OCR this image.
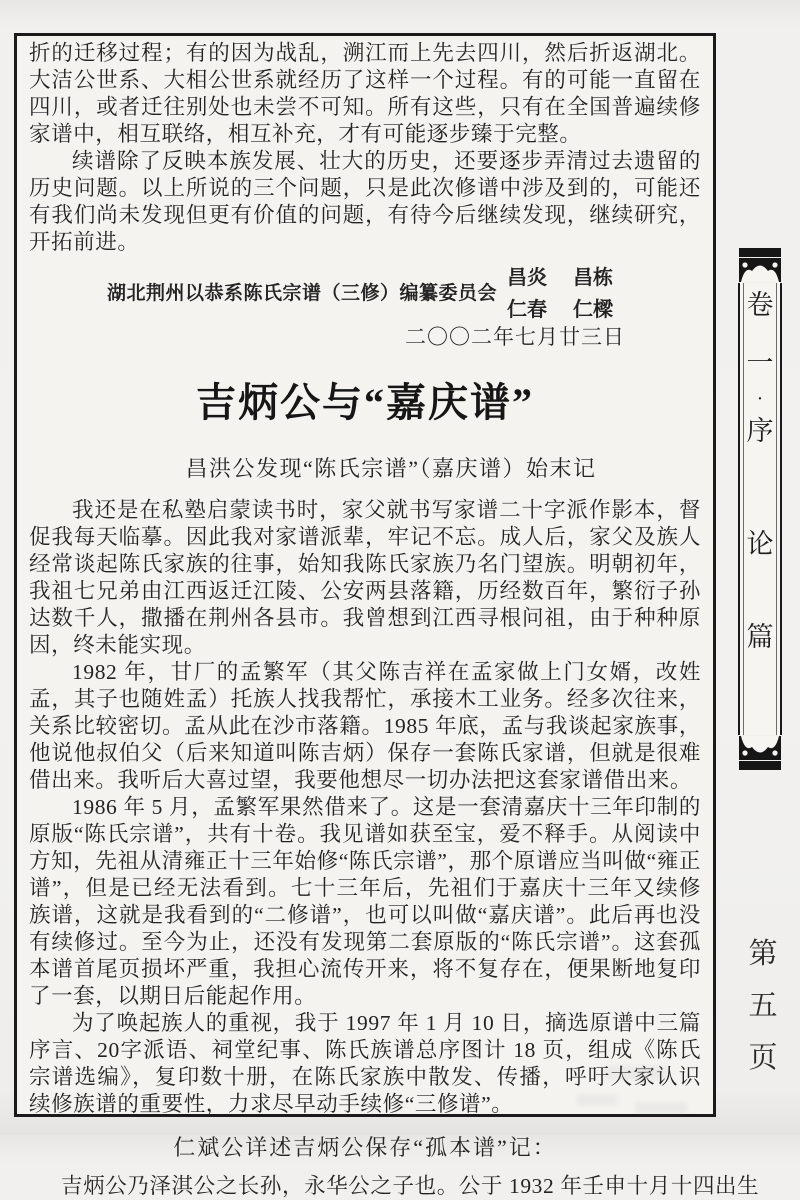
折的迁移过程；有的因为战乱，溯江而上先去四川，然后折返湖北。大洁公世系、大相公世系就经历了这样一个过程。有的可能一直留在四川，或者迁往别处也未尝不可知。所有这些，只有在全国普遍续修家谱中，相互联络，相互补充，才有可能逐步臻于完整。

续谱除了反映本族发展、壮大的历史，还要逐步弄清过去遗留的历史问题。以上所说的三个问题，只是此次修谱中涉及到的，可能还有我们尚未发现但更有价值的问题，有待今后继续发现，继续研究，开拓前进。

湖北荆州以恭系陈氏宗谱（三修）编纂委员会
昌炎 昌栋
仁春 仁樑
二〇〇二年七月廿三日
吉炳公与“嘉庆谱”
昌洪公发现“陈氏宗谱”（嘉庆谱）始末记

我还是在私塾启蒙读书时，家父就书写家谱二十字派作影本，督促我每天临摹。因此我对家谱派辈，牢记不忘。成人后，家父及族人经常谈起陈氏家族的往事，始知我陈氏家族乃名门望族。明朝初年，我祖七兄弟由江西返迁江陵、公安两县落籍，历经数百年，繁衍子孙达数千人，撒播在荆州各县市。我曾想到江西寻根问祖，由于种种原因，终未能实现。

1982 年，甘厂的孟繁军（其父陈吉祥在孟家做上门女婿，改姓孟，其子也随姓孟）托族人找我帮忙，承接木工业务。经多次往来，关系比较密切。孟从此在沙市落籍。1985 年底，孟与我谈起家族事，他说他叔伯父（后来知道叫陈吉炳）保存一套陈氏家谱，但就是很难借出来。我听后大喜过望，我要他想尽一切办法把这套家谱借出来。

1986 年 5 月，孟繁军果然借来了。这是一套清嘉庆十三年印制的原版“陈氏宗谱”，共有十卷。我见谱如获至宝，爱不释手。从阅读中方知，先祖从清雍正十三年始修“陈氏宗谱”，那个原谱应当叫做“雍正谱”，但是已经无法看到。七十三年后，先祖们于嘉庆十三年又续修族谱，这就是我看到的“二修谱”，也可以叫做“嘉庆谱”。此后再也没有续修过。至今为止，还没有发现第二套原版的“陈氏宗谱”。这套孤本谱首尾页损坏严重，我担心流传开来，将不复存在，便果断地复印了一套，以期日后能起作用。

为了唤起族人的重视，我于 1997 年 1 月 10 日，摘选原谱中三篇序言、20字派语、祠堂纪事、陈氏族谱总序图计 18 页，组成《陈氏宗谱选编》，复印数十册，在陈氏家族中散发、传播，呼吁大家认识续修族谱的重要性，力求尽早动手续修“三修谱”。

仁斌公详述吉炳公保存“孤本谱”记：

吉炳公乃泽淇公之长孙，永华公之子也。公于 1932 年壬申十月十四出生

卷
一
·
序
论
篇
第
五
页
